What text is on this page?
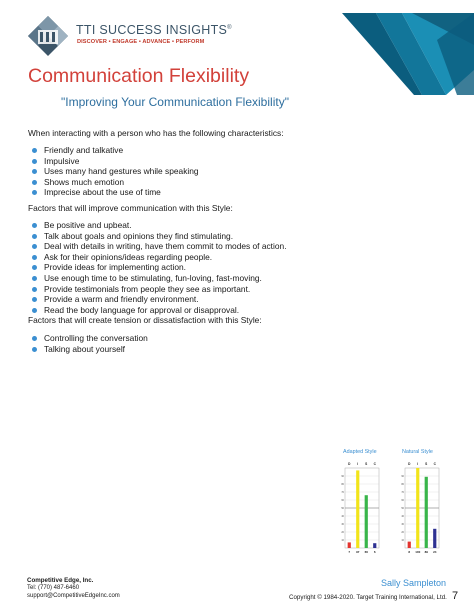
TTI SUCCESS INSIGHTS®
DISCOVER • ENGAGE • ADVANCE • PERFORM
Communication Flexibility
"Improving Your Communication Flexibility"
When interacting with a person who has the following characteristics:
Friendly and talkative
Impulsive
Uses many hand gestures while speaking
Shows much emotion
Imprecise about the use of time
Factors that will improve communication with this Style:
Be positive and upbeat.
Talk about goals and opinions they find stimulating.
Deal with details in writing, have them commit to modes of action.
Ask for their opinions/ideas regarding people.
Provide ideas for implementing action.
Use enough time to be stimulating, fun-loving, fast-moving.
Provide testimonials from people they see as important.
Provide a warm and friendly environment.
Read the body language for approval or disapproval.
Factors that will create tension or dissatisfaction with this Style:
Controlling the conversation
Talking about yourself
Adapted Style	Natural Style
10
20
30
40
50
60
70
80
90
D
7
I
97
S
66
C
6
10
20
30
40
50
60
70
80
90
D
8
I
100
S
89
C
24
Competitive Edge, Inc.
Tel: (770) 487-6460
support@CompetitiveEdgeInc.com
Sally Sampleton
Copyright © 1984-2020. Target Training International, Ltd. 7
